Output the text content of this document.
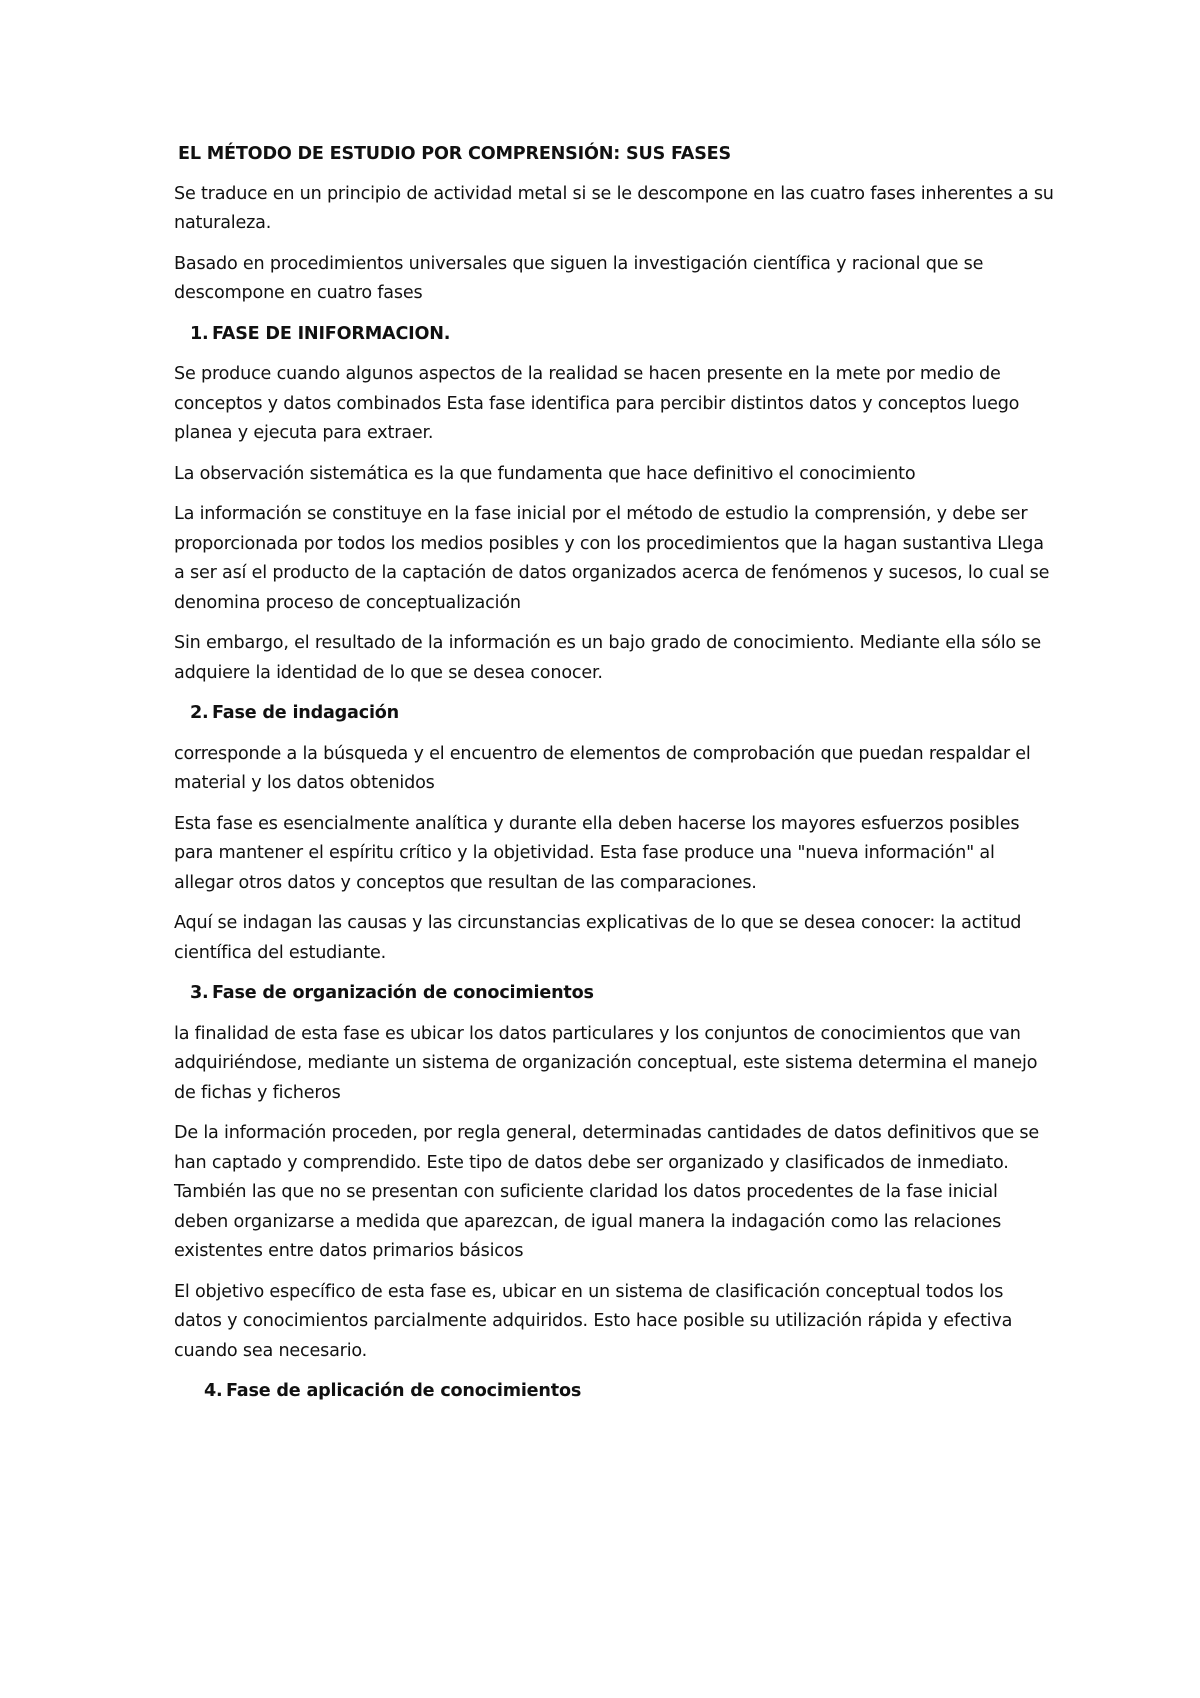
EL MÉTODO DE ESTUDIO POR COMPRENSIÓN: SUS FASES

Se traduce en un principio de actividad metal si se le descompone en las cuatro fases inherentes a su naturaleza.

Basado en procedimientos universales que siguen la investigación científica y racional que se descompone en cuatro fases

1. FASE DE INIFORMACION.

Se produce cuando algunos aspectos de la realidad se hacen presente en la mete por medio de conceptos y datos combinados Esta fase identifica para percibir distintos datos y conceptos luego planea y ejecuta para extraer.

La observación sistemática es la que fundamenta que hace definitivo el conocimiento

La información se constituye en la fase inicial por el método de estudio la comprensión, y debe ser proporcionada por todos los medios posibles y con los procedimientos que la hagan sustantiva Llega a ser así el producto de la captación de datos organizados acerca de fenómenos y sucesos, lo cual se denomina proceso de conceptualización

Sin embargo, el resultado de la información es un bajo grado de conocimiento. Mediante ella sólo se adquiere la identidad de lo que se desea conocer.

2. Fase de indagación

corresponde a la búsqueda y el encuentro de elementos de comprobación que puedan respaldar el material y los datos obtenidos

Esta fase es esencialmente analítica y durante ella deben hacerse los mayores esfuerzos posibles para mantener el espíritu crítico y la objetividad. Esta fase produce una "nueva información" al allegar otros datos y conceptos que resultan de las comparaciones.

Aquí se indagan las causas y las circunstancias explicativas de lo que se desea conocer: la actitud científica del estudiante.

3. Fase de organización de conocimientos

la finalidad de esta fase es ubicar los datos particulares y los conjuntos de conocimientos que van adquiriéndose, mediante un sistema de organización conceptual, este sistema determina el manejo de fichas y ficheros

De la información proceden, por regla general, determinadas cantidades de datos definitivos que se han captado y comprendido. Este tipo de datos debe ser organizado y clasificados de inmediato. También las que no se presentan con suficiente claridad los datos procedentes de la fase inicial deben organizarse a medida que aparezcan, de igual manera la indagación como las relaciones existentes entre datos primarios básicos

El objetivo específico de esta fase es, ubicar en un sistema de clasificación conceptual todos los datos y conocimientos parcialmente adquiridos. Esto hace posible su utilización rápida y efectiva cuando sea necesario.

4. Fase de aplicación de conocimientos
